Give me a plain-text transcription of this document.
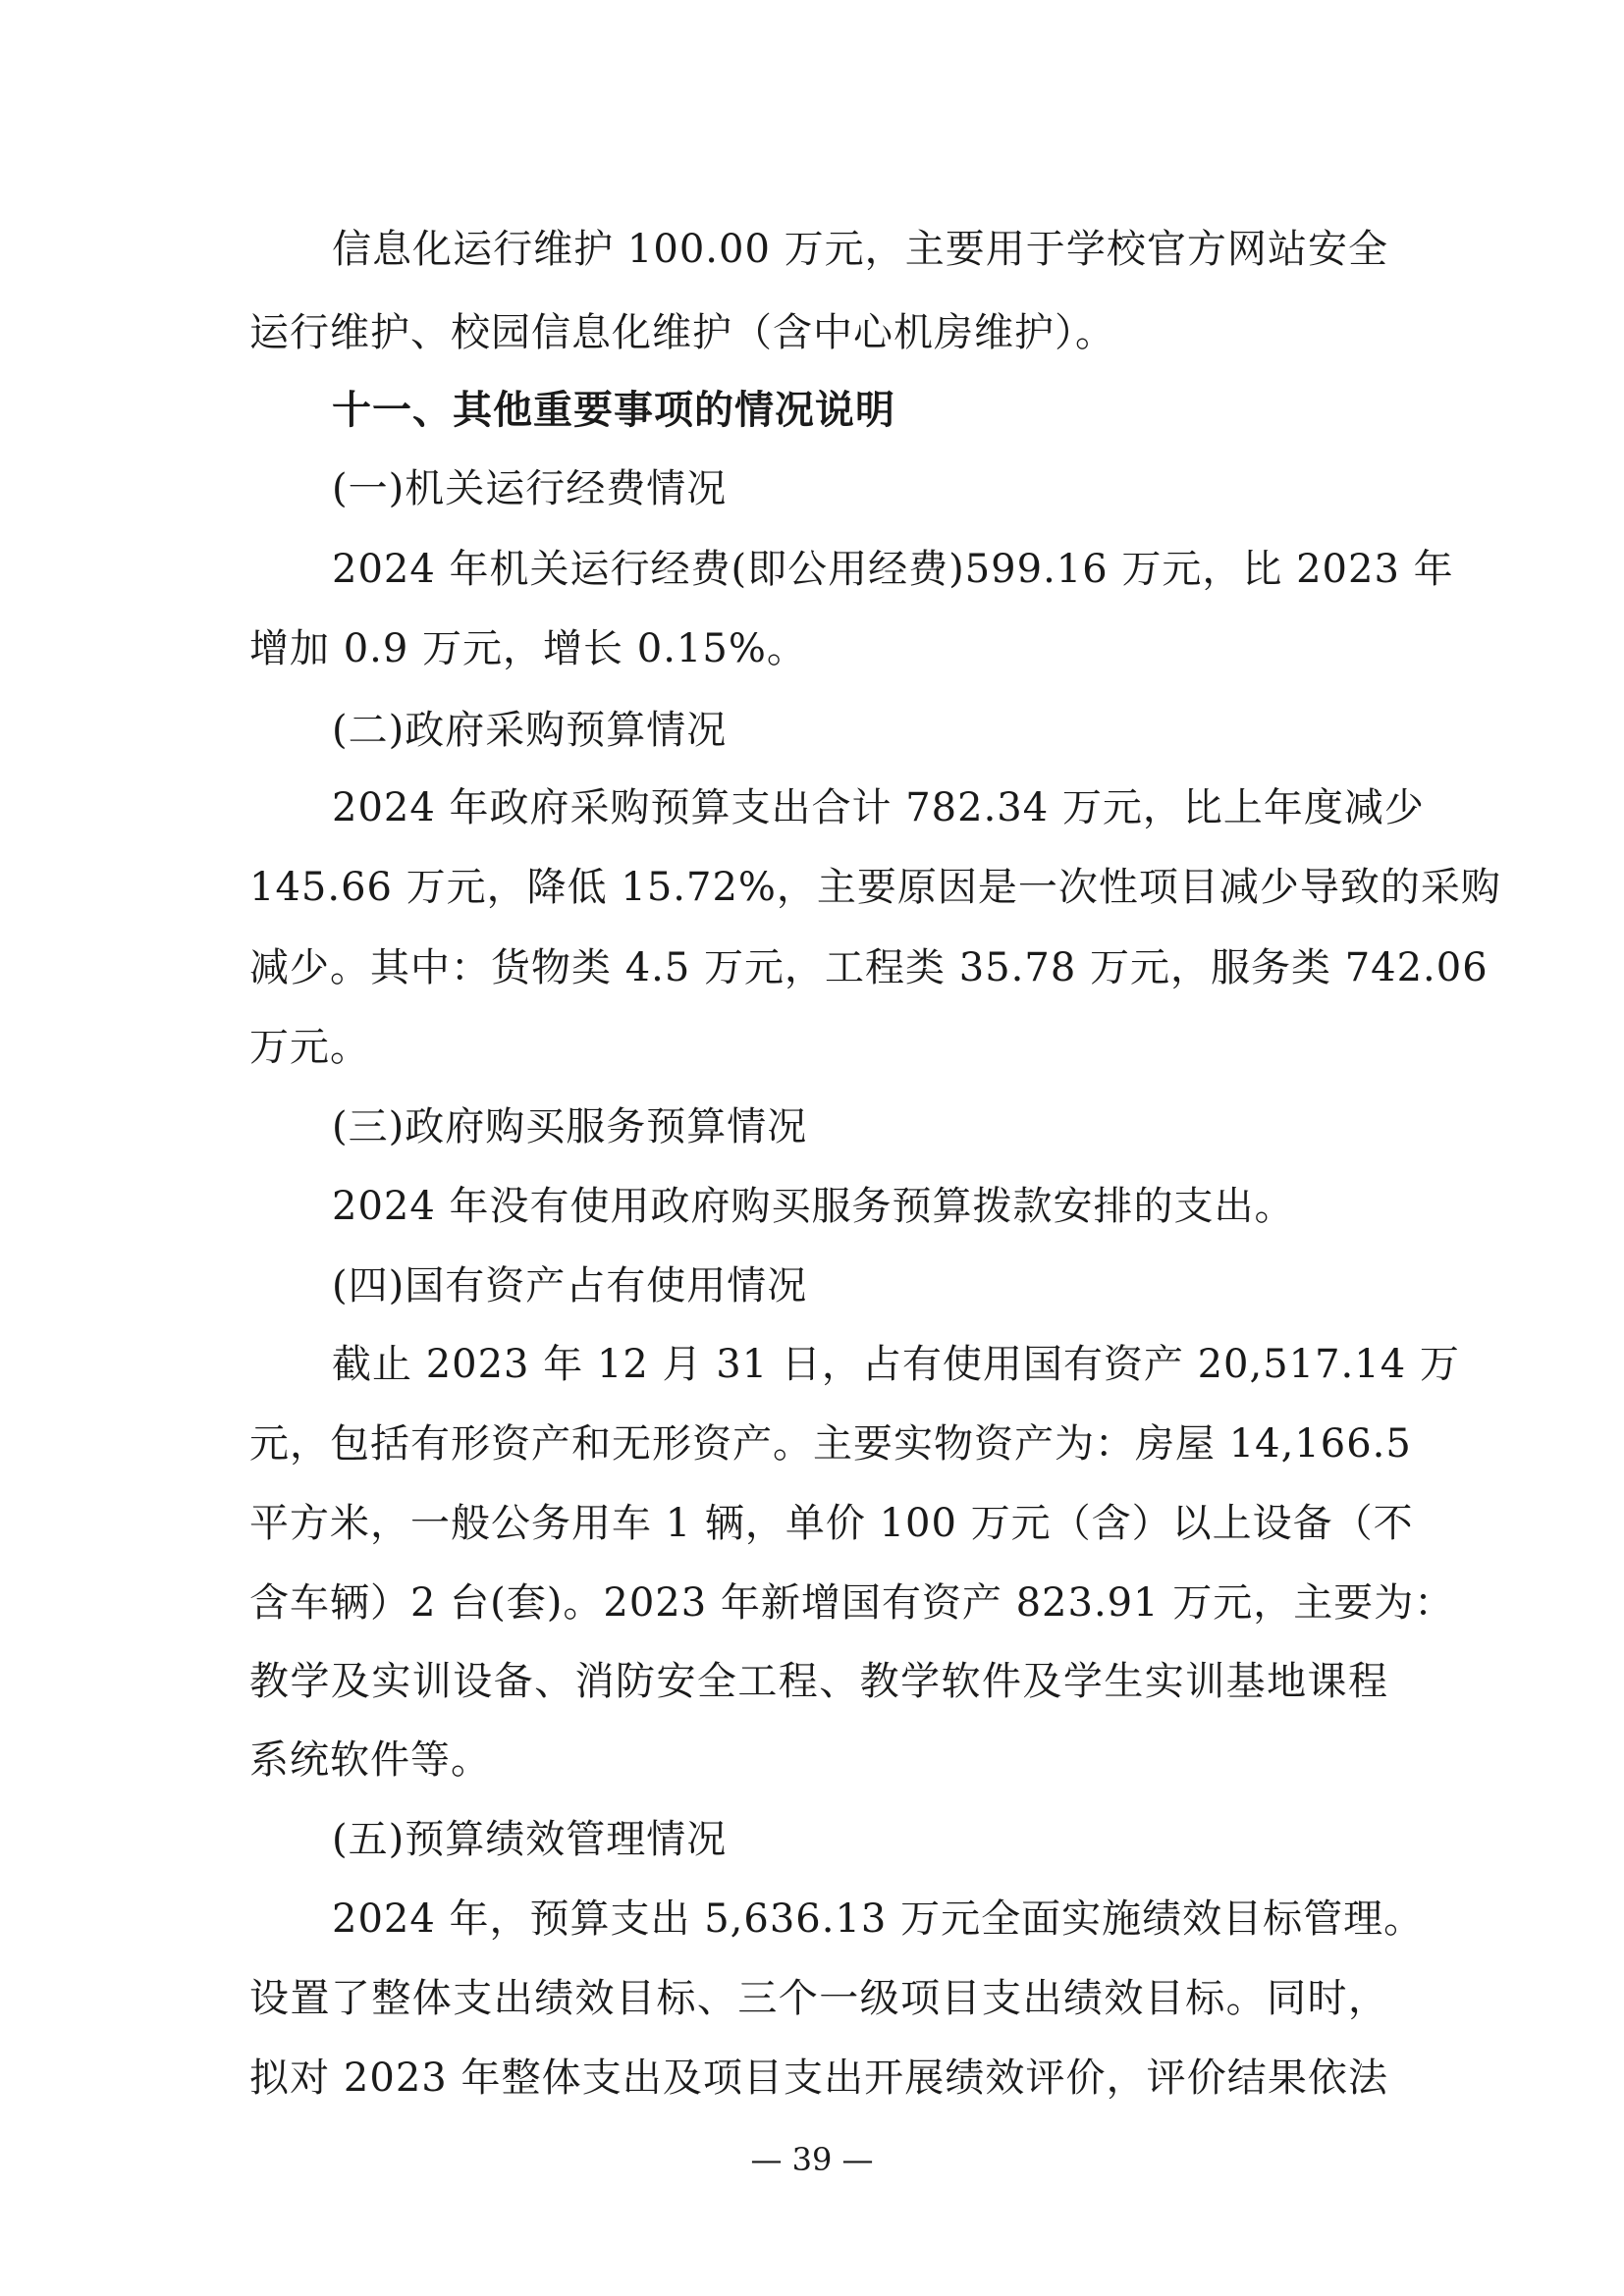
信息化运行维护 100.00 万元，主要用于学校官方网站安全
运行维护、校园信息化维护（含中心机房维护）。
十一、其他重要事项的情况说明
(一)机关运行经费情况
2024 年机关运行经费(即公用经费)599.16 万元，比 2023 年
增加 0.9 万元，增长 0.15%。
(二)政府采购预算情况
2024 年政府采购预算支出合计 782.34 万元，比上年度减少
145.66 万元，降低 15.72%，主要原因是一次性项目减少导致的采购
减少。其中：货物类 4.5 万元，工程类 35.78 万元，服务类 742.06
万元。
(三)政府购买服务预算情况
2024 年没有使用政府购买服务预算拨款安排的支出。
(四)国有资产占有使用情况
截止 2023 年 12 月 31 日，占有使用国有资产 20,517.14 万
元，包括有形资产和无形资产。主要实物资产为：房屋 14,166.5
平方米，一般公务用车 1 辆，单价 100 万元（含）以上设备（不
含车辆）2 台(套)。2023 年新增国有资产 823.91 万元，主要为：
教学及实训设备、消防安全工程、教学软件及学生实训基地课程
系统软件等。
(五)预算绩效管理情况
2024 年，预算支出 5,636.13 万元全面实施绩效目标管理。
设置了整体支出绩效目标、三个一级项目支出绩效目标。同时，
拟对 2023 年整体支出及项目支出开展绩效评价，评价结果依法
— 39 —
